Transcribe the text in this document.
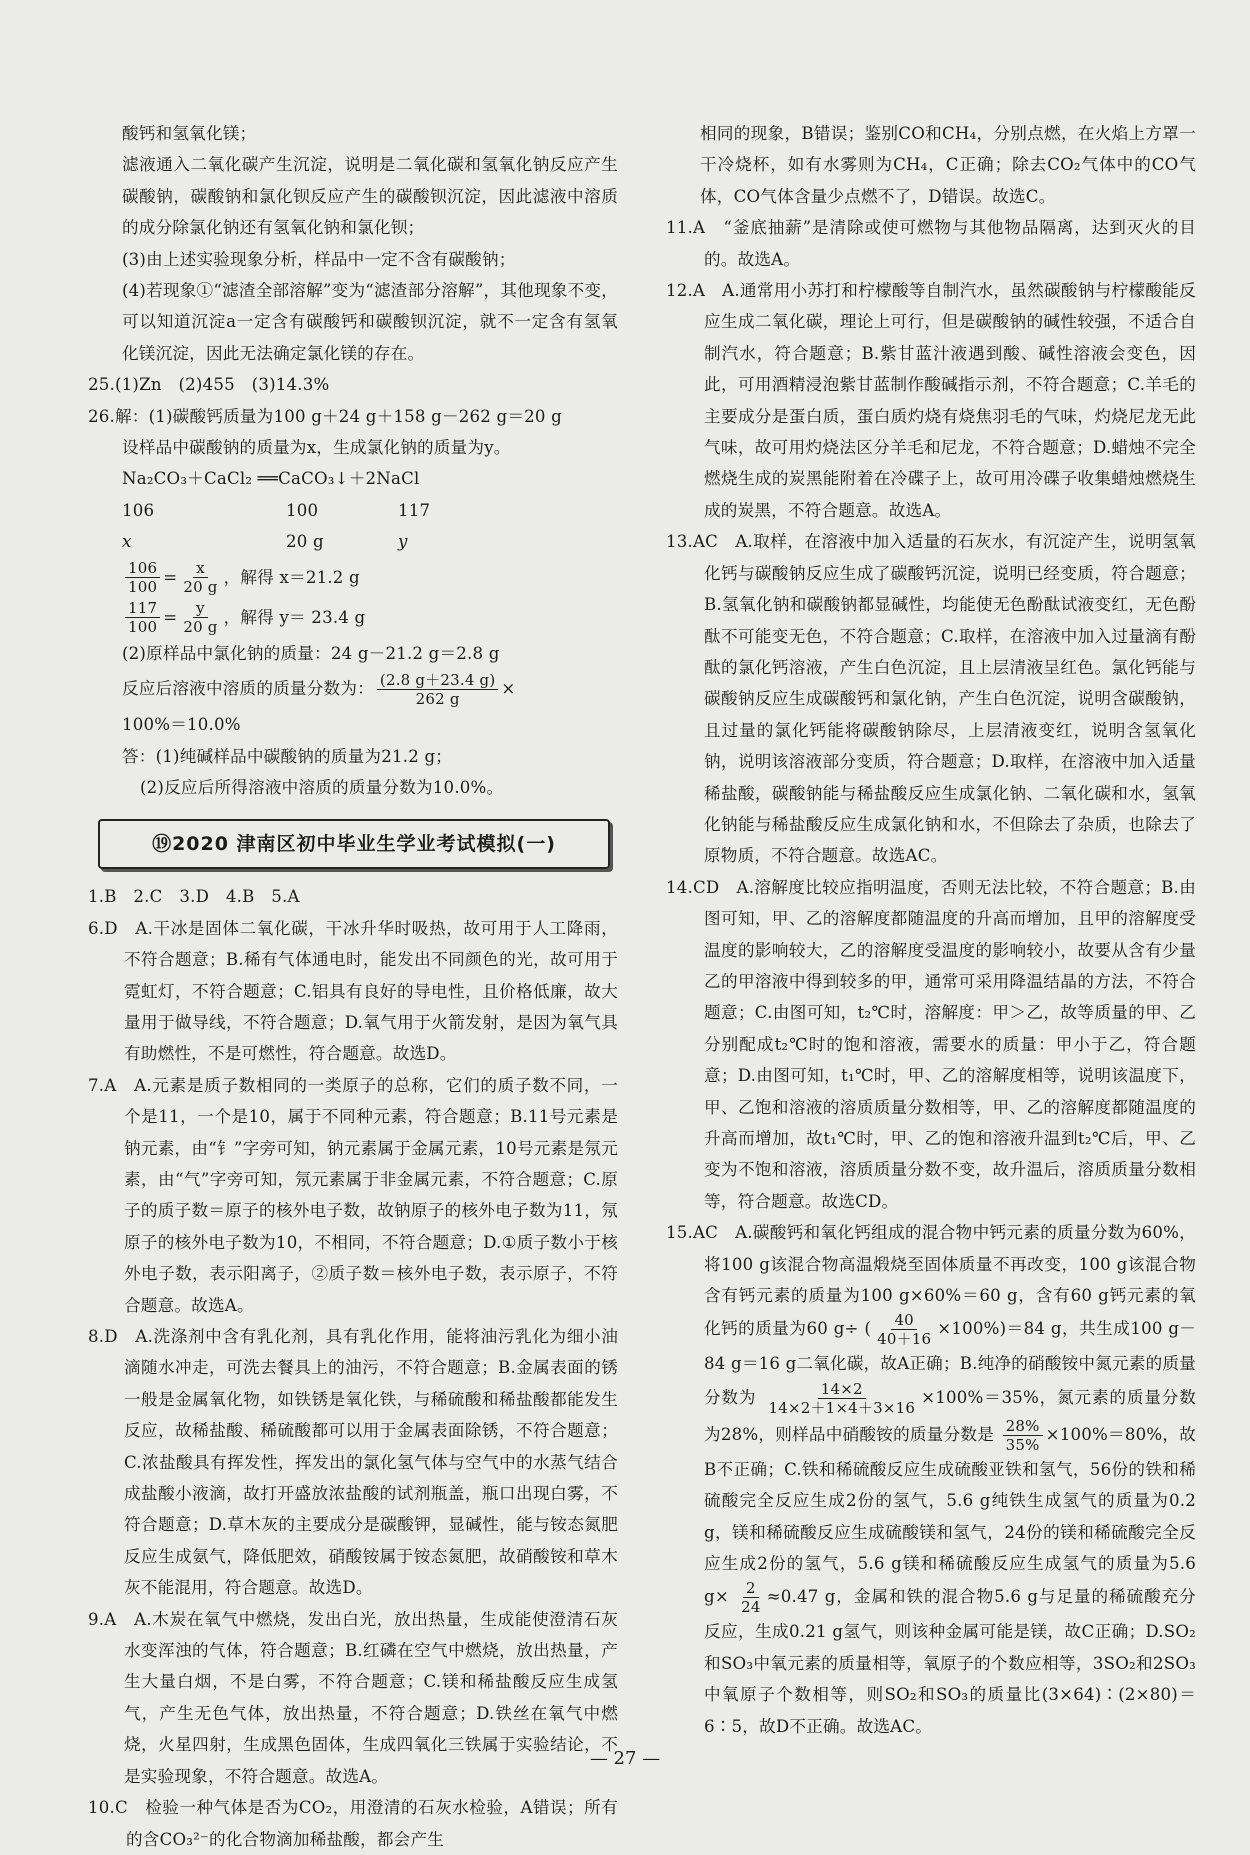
酸钙和氢氧化镁；

滤液通入二氧化碳产生沉淀，说明是二氧化碳和氢氧化钠反应产生碳酸钠，碳酸钠和氯化钡反应产生的碳酸钡沉淀，因此滤液中溶质的成分除氯化钠还有氢氧化钠和氯化钡；

(3)由上述实验现象分析，样品中一定不含有碳酸钠；

(4)若现象①“滤渣全部溶解”变为“滤渣部分溶解”，其他现象不变，可以知道沉淀a一定含有碳酸钙和碳酸钡沉淀，就不一定含有氢氧化镁沉淀，因此无法确定氯化镁的存在。

25.(1)Zn　(2)455　(3)14.3%

26.解：(1)碳酸钙质量为100 g＋24 g＋158 g－262 g＝20 g

设样品中碳酸钠的质量为x，生成氯化钠的质量为y。

Na₂CO₃＋CaCl₂ ══CaCO₃↓＋2NaCl

106	100	117
x	20 g	y
$\frac{106}{100} = \frac{x}{20 g}$ ，解得 x＝21.2 g
$\frac{117}{100} = \frac{y}{20 g}$ ，解得 y＝ 23.4 g

(2)原样品中氯化钠的质量：24 g－21.2 g＝2.8 g

反应后溶液中溶质的质量分数为： $\frac{(2.8 g+23.4 g)}{262 g}$ ×

100%＝10.0%

答：(1)纯碱样品中碳酸钠的质量为21.2 g；

(2)反应后所得溶液中溶质的质量分数为10.0%。

⑲2020 津南区初中毕业生学业考试模拟(一)

1.B　2.C　3.D　4.B　5.A

6.D　A.干冰是固体二氧化碳，干冰升华时吸热，故可用于人工降雨，不符合题意；B.稀有气体通电时，能发出不同颜色的光，故可用于霓虹灯，不符合题意；C.铝具有良好的导电性，且价格低廉，故大量用于做导线，不符合题意；D.氧气用于火箭发射，是因为氧气具有助燃性，不是可燃性，符合题意。故选D。

7.A　A.元素是质子数相同的一类原子的总称，它们的质子数不同，一个是11，一个是10，属于不同种元素，符合题意；B.11号元素是钠元素，由“钅”字旁可知，钠元素属于金属元素，10号元素是氖元素，由“气”字旁可知，氖元素属于非金属元素，不符合题意；C.原子的质子数＝原子的核外电子数，故钠原子的核外电子数为11，氖原子的核外电子数为10，不相同，不符合题意；D.①质子数小于核外电子数，表示阳离子，②质子数＝核外电子数，表示原子，不符合题意。故选A。

8.D　A.洗涤剂中含有乳化剂，具有乳化作用，能将油污乳化为细小油滴随水冲走，可洗去餐具上的油污，不符合题意；B.金属表面的锈一般是金属氧化物，如铁锈是氧化铁，与稀硫酸和稀盐酸都能发生反应，故稀盐酸、稀硫酸都可以用于金属表面除锈，不符合题意；C.浓盐酸具有挥发性，挥发出的氯化氢气体与空气中的水蒸气结合成盐酸小液滴，故打开盛放浓盐酸的试剂瓶盖，瓶口出现白雾，不符合题意；D.草木灰的主要成分是碳酸钾，显碱性，能与铵态氮肥反应生成氨气，降低肥效，硝酸铵属于铵态氮肥，故硝酸铵和草木灰不能混用，符合题意。故选D。

9.A　A.木炭在氧气中燃烧，发出白光，放出热量，生成能使澄清石灰水变浑浊的气体，符合题意；B.红磷在空气中燃烧，放出热量，产生大量白烟，不是白雾，不符合题意；C.镁和稀盐酸反应生成氢气，产生无色气体，放出热量，不符合题意；D.铁丝在氧气中燃烧，火星四射，生成黑色固体，生成四氧化三铁属于实验结论，不是实验现象，不符合题意。故选A。

10.C　检验一种气体是否为CO₂，用澄清的石灰水检验，A错误；所有的含CO₃²⁻的化合物滴加稀盐酸，都会产生

相同的现象，B错误；鉴别CO和CH₄，分别点燃，在火焰上方罩一干冷烧杯，如有水雾则为CH₄，C正确；除去CO₂气体中的CO气体，CO气体含量少点燃不了，D错误。故选C。

11.A　“釜底抽薪”是清除或使可燃物与其他物品隔离，达到灭火的目的。故选A。

12.A　A.通常用小苏打和柠檬酸等自制汽水，虽然碳酸钠与柠檬酸能反应生成二氧化碳，理论上可行，但是碳酸钠的碱性较强，不适合自制汽水，符合题意；B.紫甘蓝汁液遇到酸、碱性溶液会变色，因此，可用酒精浸泡紫甘蓝制作酸碱指示剂，不符合题意；C.羊毛的主要成分是蛋白质，蛋白质灼烧有烧焦羽毛的气味，灼烧尼龙无此气味，故可用灼烧法区分羊毛和尼龙，不符合题意；D.蜡烛不完全燃烧生成的炭黑能附着在冷碟子上，故可用冷碟子收集蜡烛燃烧生成的炭黑，不符合题意。故选A。

13.AC　A.取样，在溶液中加入适量的石灰水，有沉淀产生，说明氢氧化钙与碳酸钠反应生成了碳酸钙沉淀，说明已经变质，符合题意；B.氢氧化钠和碳酸钠都显碱性，均能使无色酚酞试液变红，无色酚酞不可能变无色，不符合题意；C.取样，在溶液中加入过量滴有酚酞的氯化钙溶液，产生白色沉淀，且上层清液呈红色。氯化钙能与碳酸钠反应生成碳酸钙和氯化钠，产生白色沉淀，说明含碳酸钠，且过量的氯化钙能将碳酸钠除尽，上层清液变红，说明含氢氧化钠，说明该溶液部分变质，符合题意；D.取样，在溶液中加入适量稀盐酸，碳酸钠能与稀盐酸反应生成氯化钠、二氧化碳和水，氢氧化钠能与稀盐酸反应生成氯化钠和水，不但除去了杂质，也除去了原物质，不符合题意。故选AC。

14.CD　A.溶解度比较应指明温度，否则无法比较，不符合题意；B.由图可知，甲、乙的溶解度都随温度的升高而增加，且甲的溶解度受温度的影响较大，乙的溶解度受温度的影响较小，故要从含有少量乙的甲溶液中得到较多的甲，通常可采用降温结晶的方法，不符合题意；C.由图可知，t₂℃时，溶解度：甲＞乙，故等质量的甲、乙分别配成t₂℃时的饱和溶液，需要水的质量：甲小于乙，符合题意；D.由图可知，t₁℃时，甲、乙的溶解度相等，说明该温度下，甲、乙饱和溶液的溶质质量分数相等，甲、乙的溶解度都随温度的升高而增加，故t₁℃时，甲、乙的饱和溶液升温到t₂℃后，甲、乙变为不饱和溶液，溶质质量分数不变，故升温后，溶质质量分数相等，符合题意。故选CD。

15.AC　A.碳酸钙和氧化钙组成的混合物中钙元素的质量分数为60%，将100 g该混合物高温煅烧至固体质量不再改变，100 g该混合物含有钙元素的质量为100 g×60%＝60 g，含有60 g钙元素的氧化钙的质量为60 g÷ ( $\frac{40}{40+16} \times 100\%)=84$ g，共生成100 g－84 g＝16 g二氧化碳，故A正确；B.纯净的硝酸铵中氮元素的质量分数为 $\frac{14\times 2}{14\times 2+1\times 4+3\times 16} \times 100\%=35\%$，氮元素的质量分数为28%，则样品中硝酸铵的质量分数是 $\frac{28\%}{35\%} \times 100\%=80\%$，故B不正确；C.铁和稀硫酸反应生成硫酸亚铁和氢气，56份的铁和稀硫酸完全反应生成2份的氢气，5.6 g纯铁生成氢气的质量为0.2 g，镁和稀硫酸反应生成硫酸镁和氢气，24份的镁和稀硫酸完全反应生成2份的氢气，5.6 g镁和稀硫酸反应生成氢气的质量为5.6 $g\times \frac{2}{24} \approx 0.47$ g，金属和铁的混合物5.6 g与足量的稀硫酸充分反应，生成0.21 g氢气，则该种金属可能是镁，故C正确；D.SO₂和SO₃中氧元素的质量相等，氧原子的个数应相等，3SO₂和2SO₃中氧原子个数相等，则SO₂和SO₃的质量比(3×64)∶(2×80)＝6∶5，故D不正确。故选AC。
— 27 —
